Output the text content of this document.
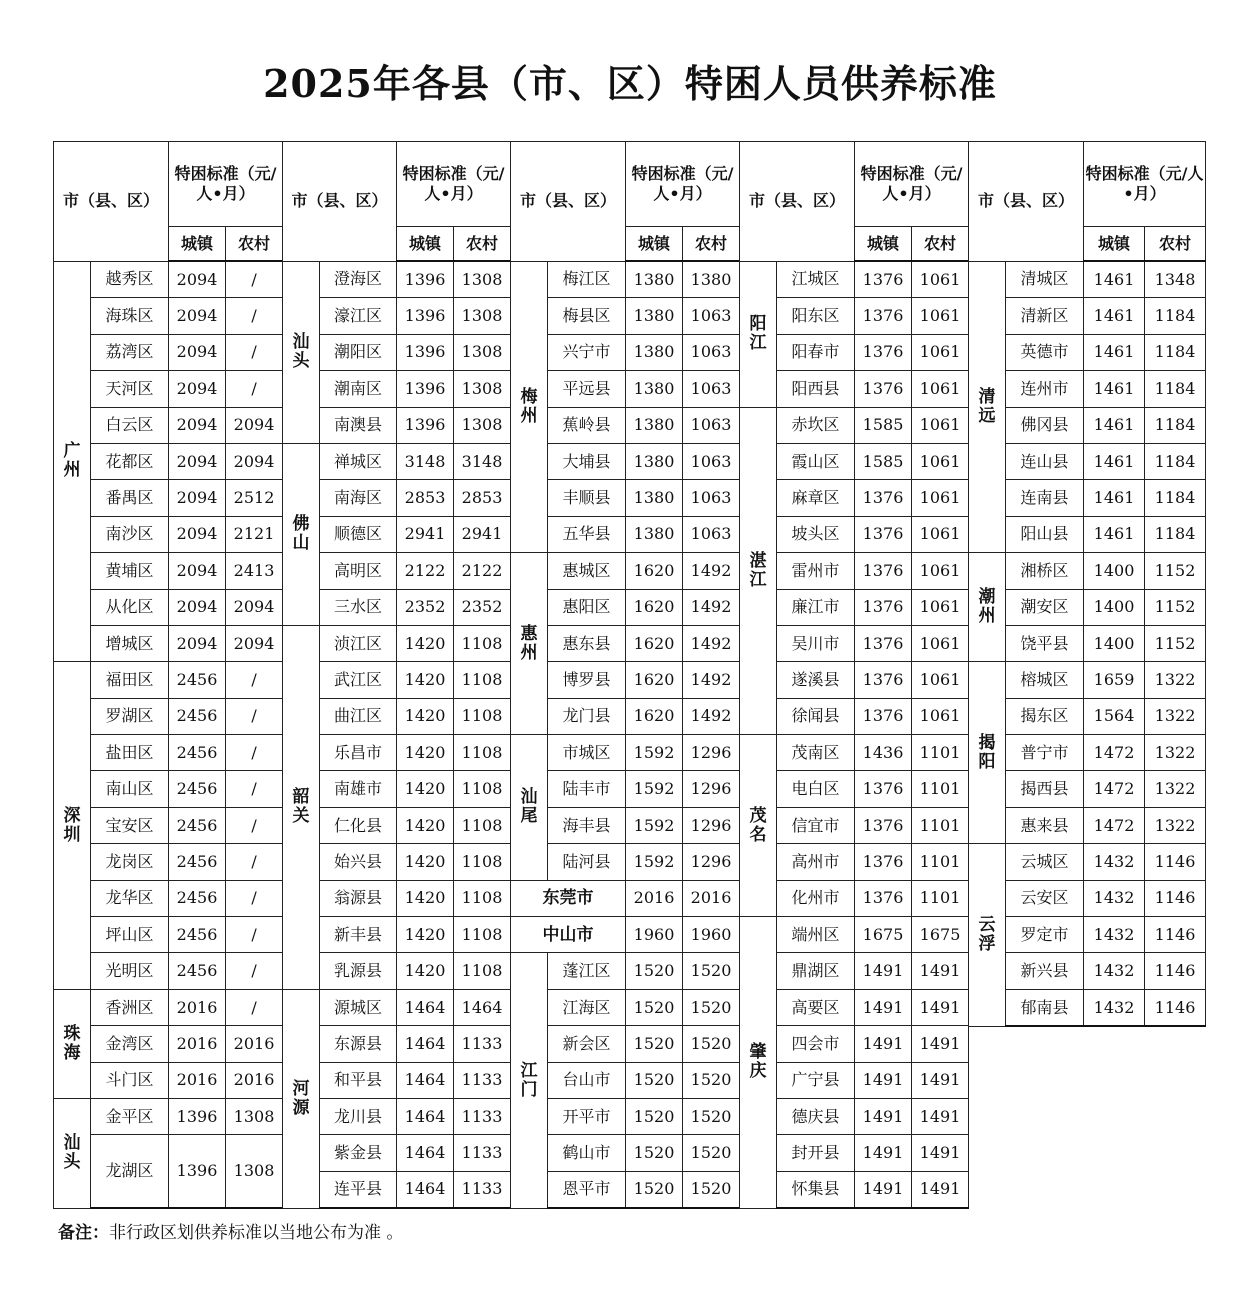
2025年各县（市、区）特困人员供养标准
市（县、区）		特困标准（元/人•月）	
		城镇	农村
广州	越秀区	2094	/
	海珠区	2094	/
	荔湾区	2094	/
	天河区	2094	/
	白云区	2094	2094
	花都区	2094	2094
	番禺区	2094	2512
	南沙区	2094	2121
	黄埔区	2094	2413
	从化区	2094	2094
	增城区	2094	2094
深圳	福田区	2456	/
	罗湖区	2456	/
	盐田区	2456	/
	南山区	2456	/
	宝安区	2456	/
	龙岗区	2456	/
	龙华区	2456	/
	坪山区	2456	/
	光明区	2456	/
珠海	香洲区	2016	/
	金湾区	2016	2016
	斗门区	2016	2016
汕头	金平区	1396	1308
	龙湖区	1396	1308
市（县、区）		特困标准（元/人•月）	
		城镇	农村
汕头	澄海区	1396	1308
	濠江区	1396	1308
	潮阳区	1396	1308
	潮南区	1396	1308
	南澳县	1396	1308
佛山	禅城区	3148	3148
	南海区	2853	2853
	顺德区	2941	2941
	高明区	2122	2122
	三水区	2352	2352
韶关	浈江区	1420	1108
	武江区	1420	1108
	曲江区	1420	1108
	乐昌市	1420	1108
	南雄市	1420	1108
	仁化县	1420	1108
	始兴县	1420	1108
	翁源县	1420	1108
	新丰县	1420	1108
	乳源县	1420	1108
河源	源城区	1464	1464
	东源县	1464	1133
	和平县	1464	1133
	龙川县	1464	1133
	紫金县	1464	1133
	连平县	1464	1133
市（县、区）		特困标准（元/人•月）	
		城镇	农村
梅州	梅江区	1380	1380
	梅县区	1380	1063
	兴宁市	1380	1063
	平远县	1380	1063
	蕉岭县	1380	1063
	大埔县	1380	1063
	丰顺县	1380	1063
	五华县	1380	1063
惠州	惠城区	1620	1492
	惠阳区	1620	1492
	惠东县	1620	1492
	博罗县	1620	1492
	龙门县	1620	1492
汕尾	市城区	1592	1296
	陆丰市	1592	1296
	海丰县	1592	1296
	陆河县	1592	1296
东莞市		2016	2016
中山市		1960	1960
江门	蓬江区	1520	1520
	江海区	1520	1520
	新会区	1520	1520
	台山市	1520	1520
	开平市	1520	1520
	鹤山市	1520	1520
	恩平市	1520	1520
市（县、区）		特困标准（元/人•月）	
		城镇	农村
阳江	江城区	1376	1061
	阳东区	1376	1061
	阳春市	1376	1061
	阳西县	1376	1061
湛江	赤坎区	1585	1061
	霞山区	1585	1061
	麻章区	1376	1061
	坡头区	1376	1061
	雷州市	1376	1061
	廉江市	1376	1061
	吴川市	1376	1061
	遂溪县	1376	1061
	徐闻县	1376	1061
茂名	茂南区	1436	1101
	电白区	1376	1101
	信宜市	1376	1101
	高州市	1376	1101
	化州市	1376	1101
肇庆	端州区	1675	1675
	鼎湖区	1491	1491
	高要区	1491	1491
	四会市	1491	1491
	广宁县	1491	1491
	德庆县	1491	1491
	封开县	1491	1491
	怀集县	1491	1491
市（县、区）		特困标准（元/人•月）	
		城镇	农村
清远	清城区	1461	1348
	清新区	1461	1184
	英德市	1461	1184
	连州市	1461	1184
	佛冈县	1461	1184
	连山县	1461	1184
	连南县	1461	1184
	阳山县	1461	1184
潮州	湘桥区	1400	1152
	潮安区	1400	1152
	饶平县	1400	1152
揭阳	榕城区	1659	1322
	揭东区	1564	1322
	普宁市	1472	1322
	揭西县	1472	1322
	惠来县	1472	1322
云浮	云城区	1432	1146
	云安区	1432	1146
	罗定市	1432	1146
	新兴县	1432	1146
	郁南县	1432	1146
备注：非行政区划供养标准以当地公布为准 。
